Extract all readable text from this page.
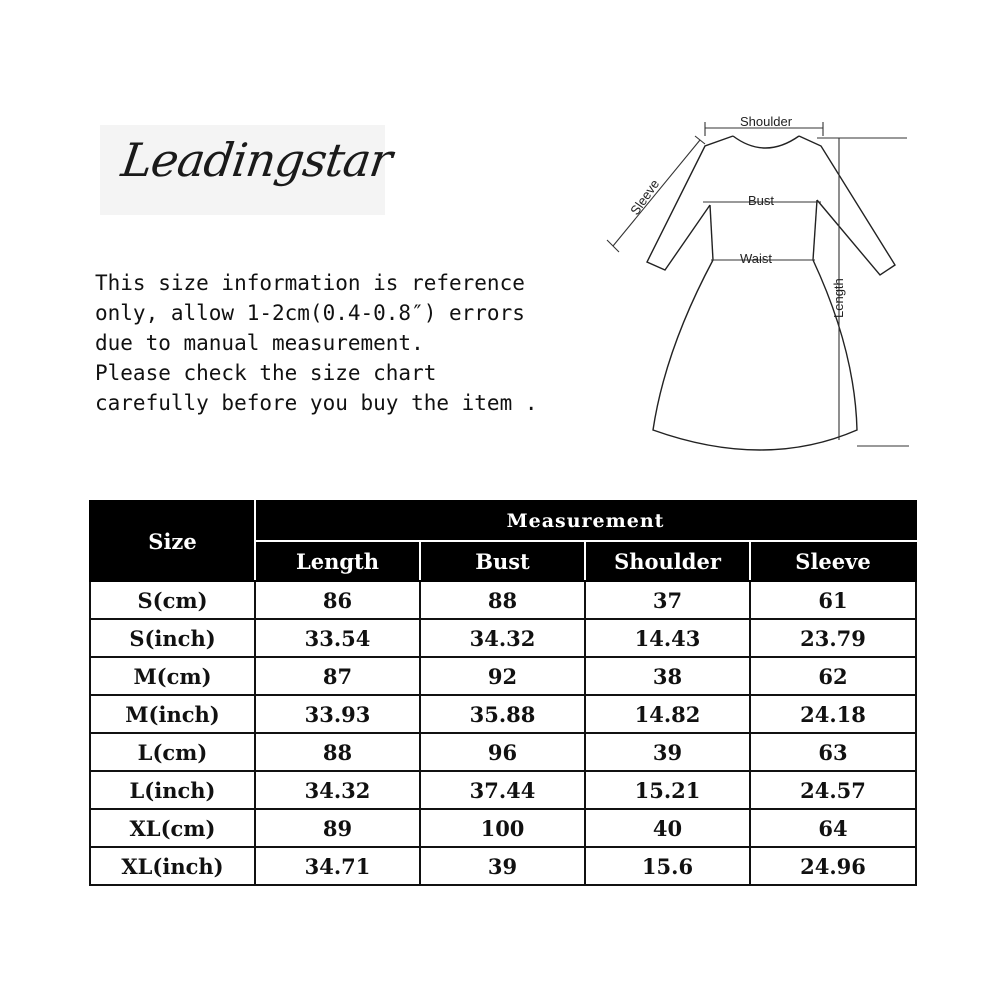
Leadingstar
This size information is reference
only, allow 1-2cm(0.4-0.8″) errors
due to manual measurement.
Please check the size chart
carefully before you buy the item .
Shoulder
Sleeve	Bust
Waist
Length
Size	Measurement			
	Length	Bust	Shoulder	Sleeve
S(cm)	86	88	37	61
S(inch)	33.54	34.32	14.43	23.79
M(cm)	87	92	38	62
M(inch)	33.93	35.88	14.82	24.18
L(cm)	88	96	39	63
L(inch)	34.32	37.44	15.21	24.57
XL(cm)	89	100	40	64
XL(inch)	34.71	39	15.6	24.96
